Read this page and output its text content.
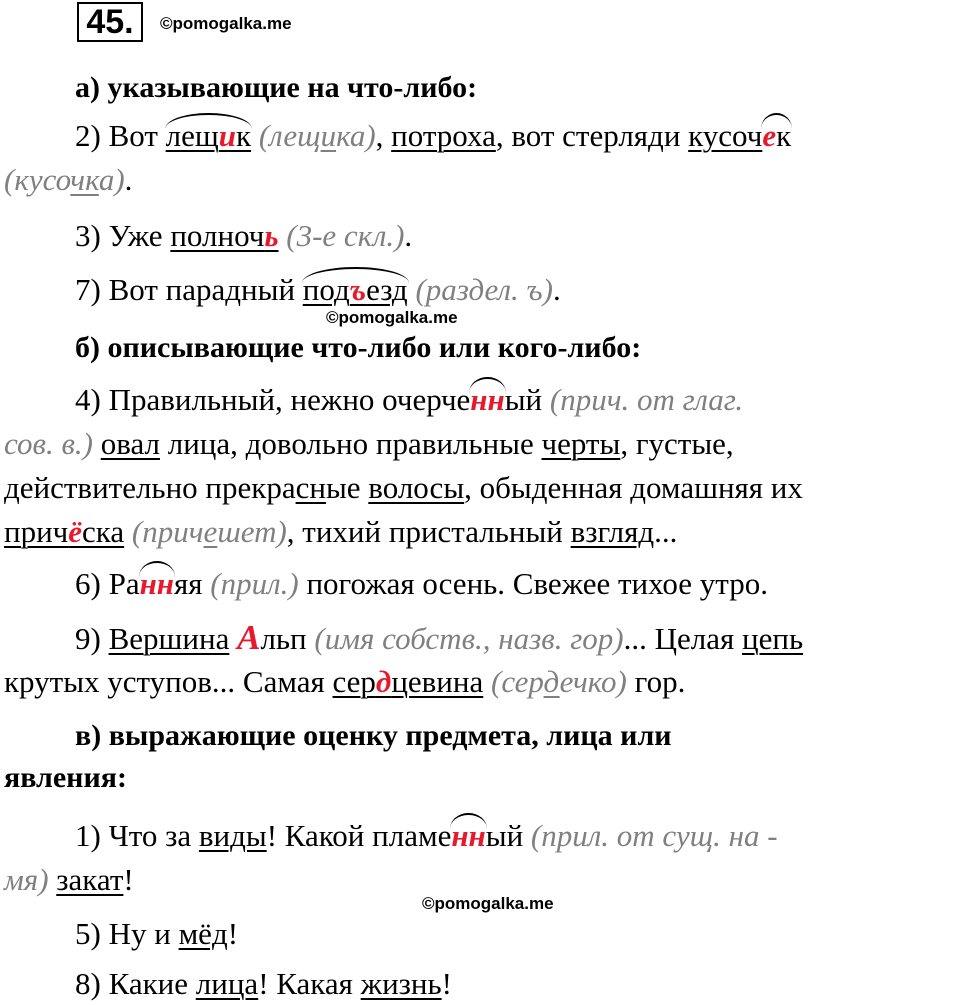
45.	©pomogalka.me
а) указывающие на что-либо:
2) Вот лещик (лещика), потроха, вот стерляди кусочек
(кусочка).
3) Уже полночь (3-е скл.).
7) Вот парадный подъезд (раздел. ъ).
©pomogalka.me
б) описывающие что-либо или кого-либо:
4) Правильный, нежно очерченный (прич. от глаг.
сов. в.) овал лица, довольно правильные черты, густые,
действительно прекрасные волосы, обыденная домашняя их
причёска (причешет), тихий пристальный взгляд...
6) Ранняя (прил.) погожая осень. Свежее тихое утро.
9) Вершина Альп (имя собств., назв. гор)... Целая цепь
крутых уступов... Самая сердцевина (сердечко) гор.
в) выражающие оценку предмета, лица или
явления:
1) Что за виды! Какой пламенный (прил. от сущ. на -
мя) закат!
©pomogalka.me
5) Ну и мёд!
8) Какие лица! Какая жизнь!
